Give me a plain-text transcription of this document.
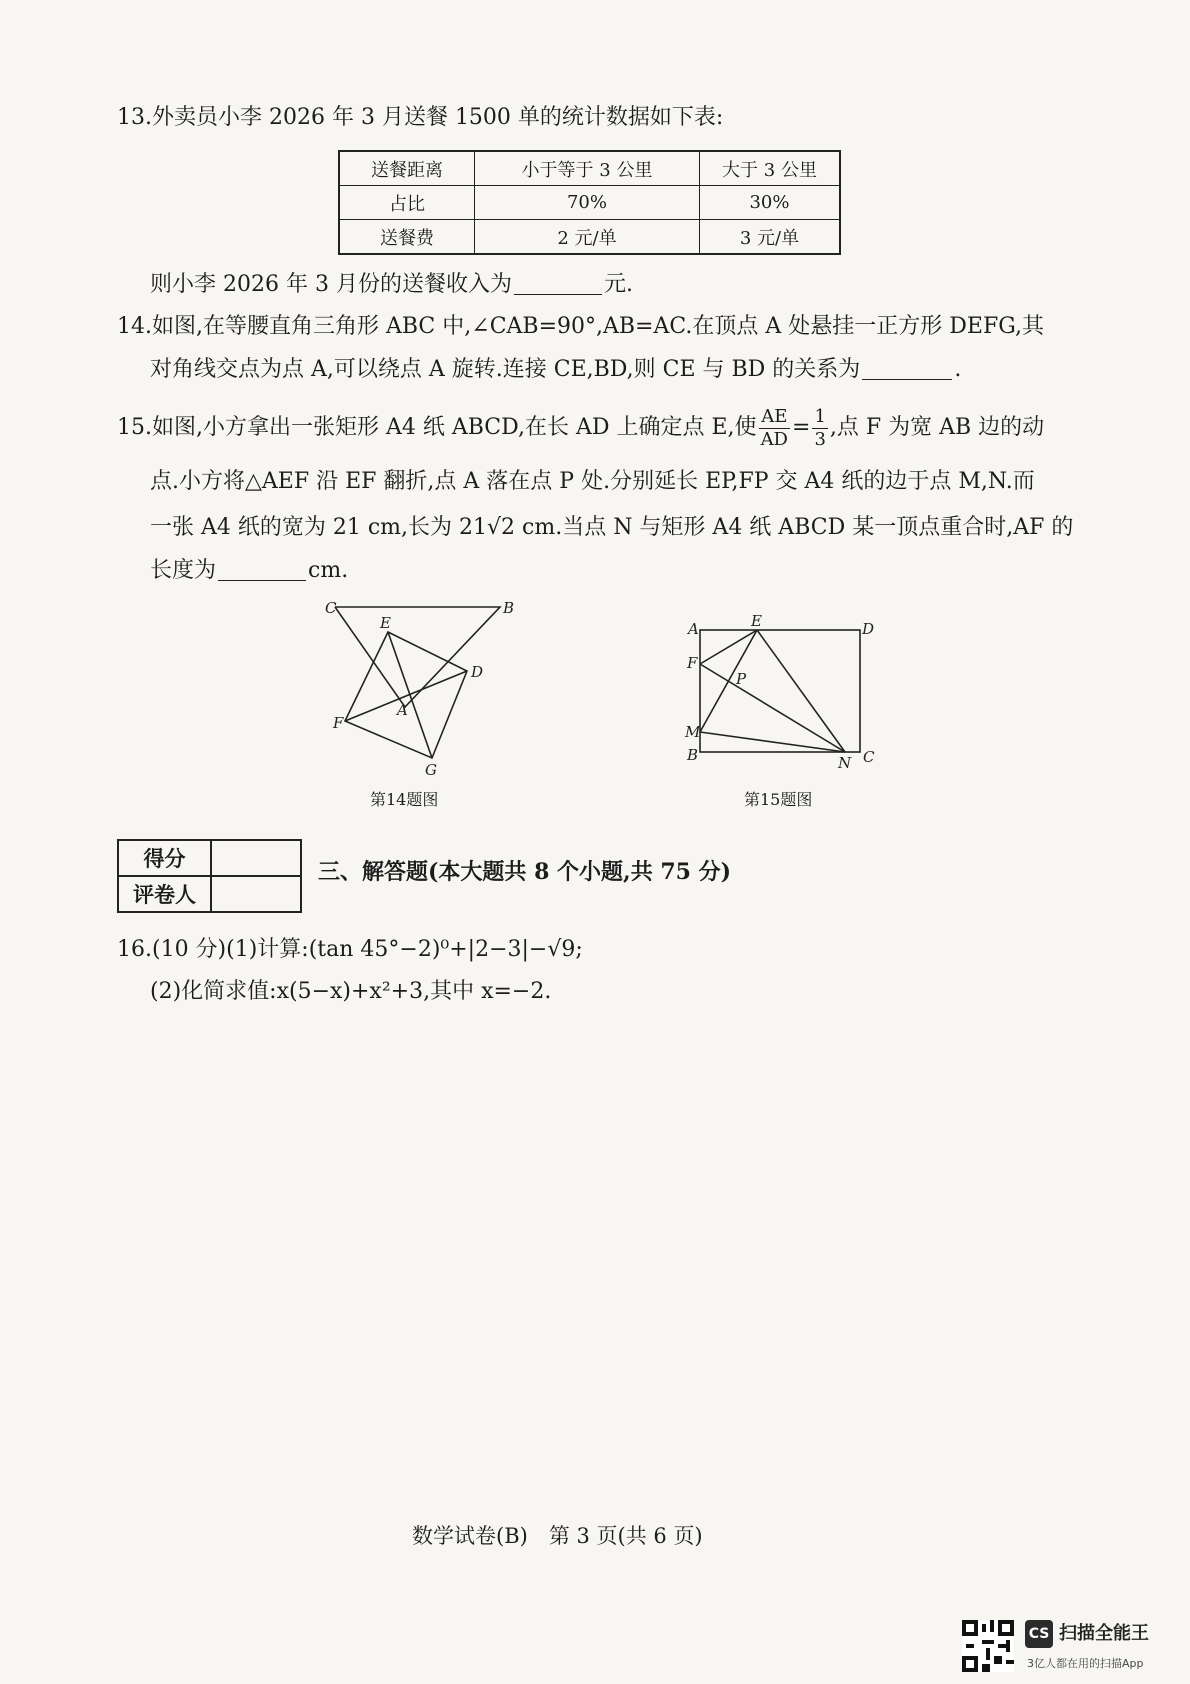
13.外卖员小李 2026 年 3 月送餐 1500 单的统计数据如下表:
送餐距离	小于等于 3 公里	大于 3 公里
占比	70%	30%
送餐费	2 元/单	3 元/单
则小李 2026 年 3 月份的送餐收入为	元.
14.如图,在等腰直角三角形 ABC 中,∠CAB=90°,AB=AC.在顶点 A 处悬挂一正方形 DEFG,其
对角线交点为点 A,可以绕点 A 旋转.连接 CE,BD,则 CE 与 BD 的关系为	.
15.如图,小方拿出一张矩形 A4 纸 ABCD,在长 AD 上确定点 E,使 $\frac{AE}{AD} = \frac{1}{3}$ ,点 F 为宽 AB 边的动
点.小方将△AEF 沿 EF 翻折,点 A 落在点 P 处.分别延长 EP,FP 交 A4 纸的边于点 M,N.而
一张 A4 纸的宽为 21 cm,长为 21√2 cm.当点 N 与矩形 A4 纸 ABCD 某一顶点重合时,AF 的
长度为	cm.
C	B
E
D
A
F
G
第14题图
A	E	D
F
P
M
B	N C
第15题图
得分	
评卷人	
三、解答题(本大题共 8 个小题,共 75 分)
16.(10 分)(1)计算:(tan 45°−2)⁰+|2−3|−√9;
(2)化简求值:x(5−x)+x²+3,其中 x=−2.
数学试卷(B)　第 3 页(共 6 页)
CS 扫描全能王
3亿人都在用的扫描App
